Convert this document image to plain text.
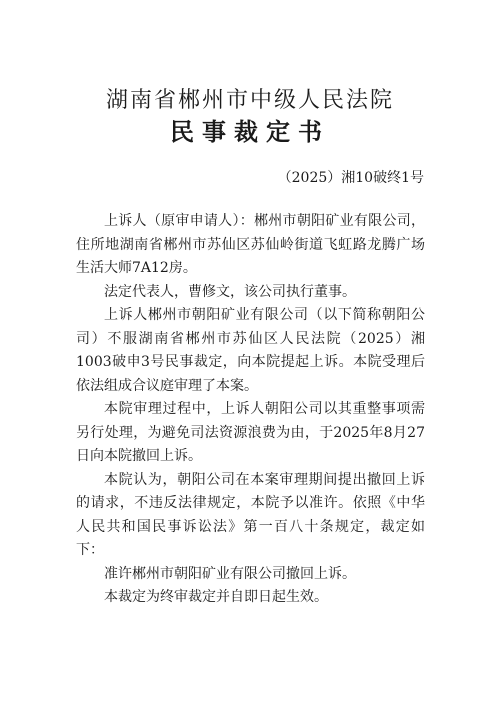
湖南省郴州市中级人民法院
民事裁定书
（2025）湘10破终1号

上诉人（原审申请人）：郴州市朝阳矿业有限公司，住所地湖南省郴州市苏仙区苏仙岭街道飞虹路龙腾广场生活大师7A12房。

法定代表人，曹修文，该公司执行董事。

上诉人郴州市朝阳矿业有限公司（以下简称朝阳公司）不服湖南省郴州市苏仙区人民法院（2025）湘1003破申3号民事裁定，向本院提起上诉。本院受理后依法组成合议庭审理了本案。

本院审理过程中，上诉人朝阳公司以其重整事项需另行处理，为避免司法资源浪费为由，于2025年8月27日向本院撤回上诉。

本院认为，朝阳公司在本案审理期间提出撤回上诉的请求，不违反法律规定，本院予以准许。依照《中华人民共和国民事诉讼法》第一百八十条规定，裁定如下：

准许郴州市朝阳矿业有限公司撤回上诉。

本裁定为终审裁定并自即日起生效。
